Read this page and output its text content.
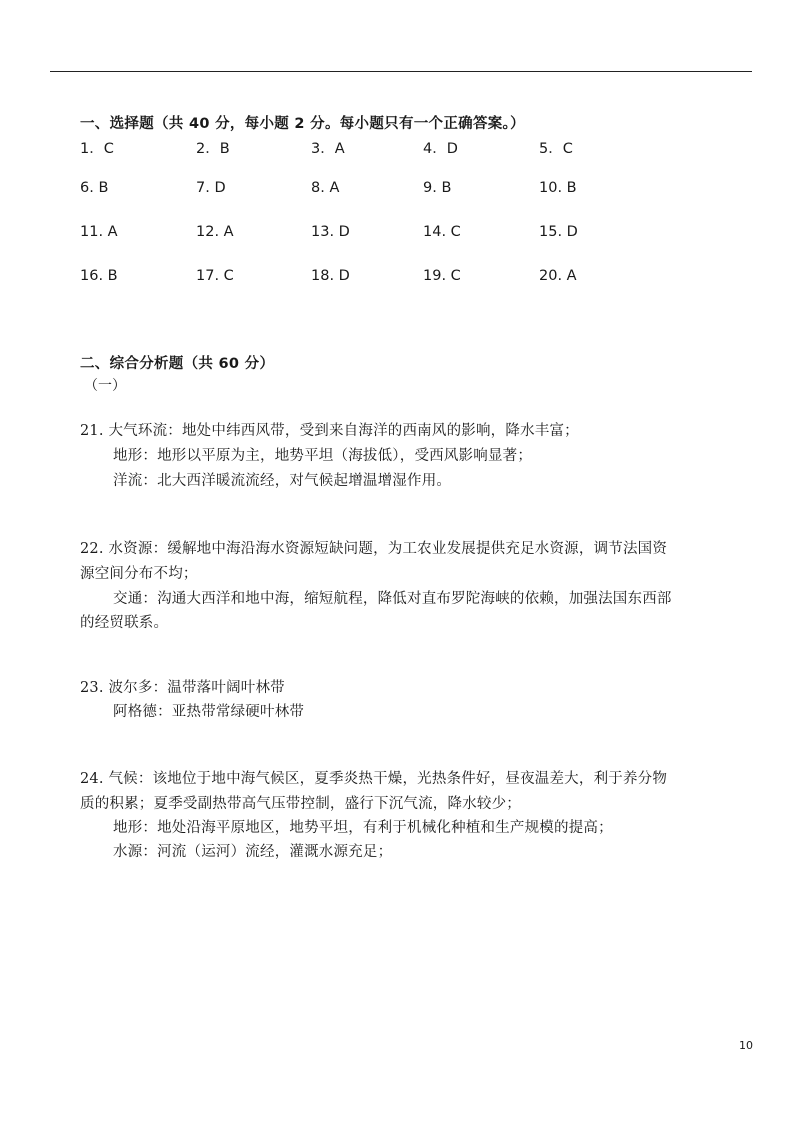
一、选择题（共 40 分，每小题 2 分。每小题只有一个正确答案。）
1．C	2．B	3．A	4．D	5．C
6. B	7. D	8. A	9. B	10. B
11. A	12. A	13. D	14. C	15. D
16. B	17. C	18. D	19. C	20. A
二、综合分析题（共 60 分）
（一）
21. 大气环流：地处中纬西风带，受到来自海洋的西南风的影响，降水丰富；
地形：地形以平原为主，地势平坦（海拔低），受西风影响显著；
洋流：北大西洋暖流流经，对气候起增温增湿作用。
22. 水资源：缓解地中海沿海水资源短缺问题，为工农业发展提供充足水资源，调节法国资
源空间分布不均；
交通：沟通大西洋和地中海，缩短航程，降低对直布罗陀海峡的依赖，加强法国东西部
的经贸联系。
23. 波尔多：温带落叶阔叶林带
阿格德：亚热带常绿硬叶林带
24. 气候：该地位于地中海气候区，夏季炎热干燥，光热条件好，昼夜温差大，利于养分物
质的积累；夏季受副热带高气压带控制，盛行下沉气流，降水较少；
地形：地处沿海平原地区，地势平坦，有利于机械化种植和生产规模的提高；
水源：河流（运河）流经，灌溉水源充足；
10
